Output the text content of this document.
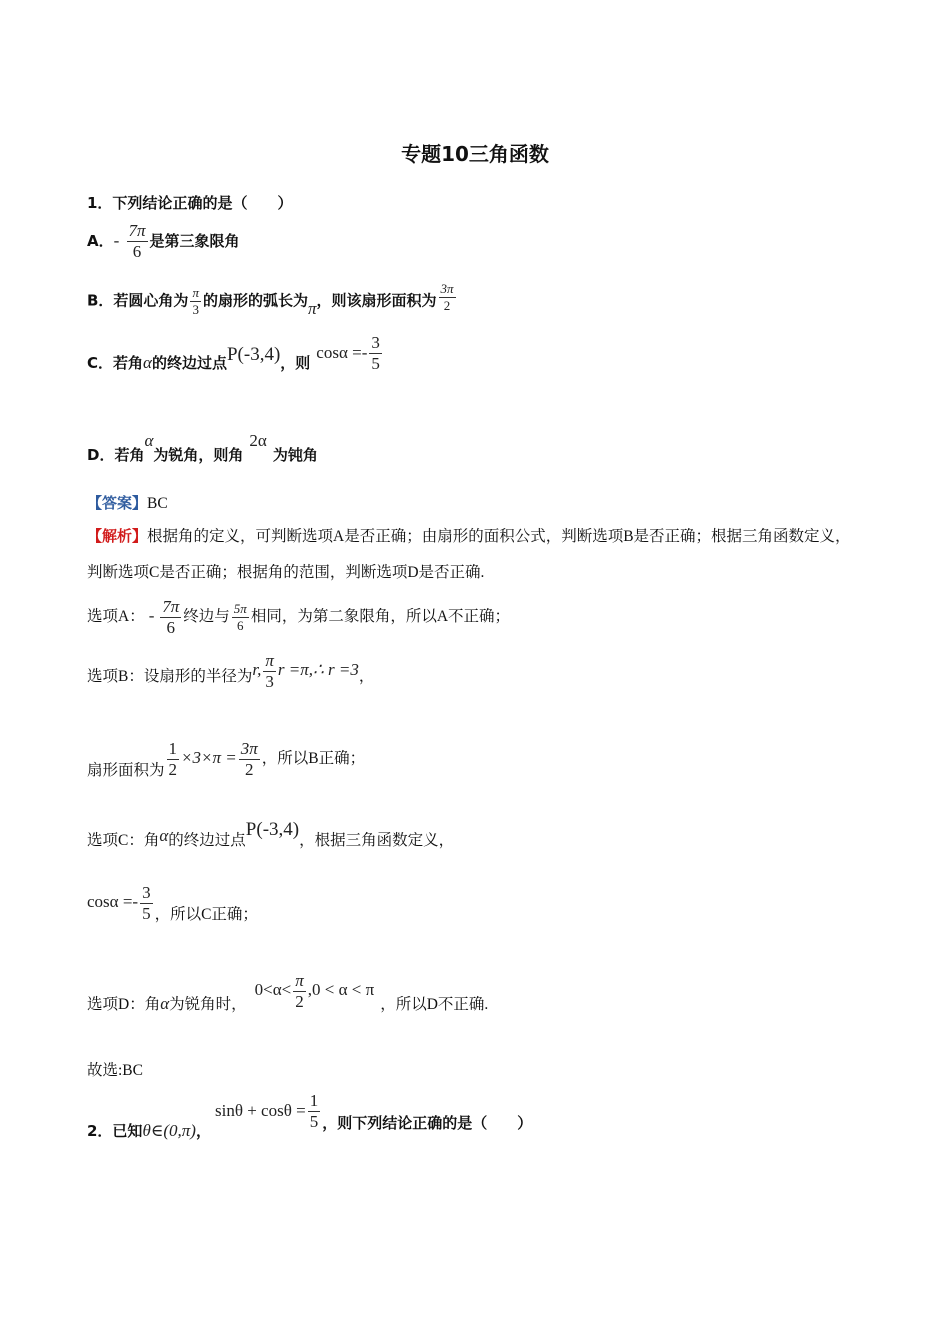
专题10三角函数
1．下列结论正确的是（　　）
A．- $\frac{7\pi}{6}$ 是第三象限角
B．若圆心角为 $\frac{\pi}{3}$ 的扇形的弧长为π，则该扇形面积为 $\frac{3\pi}{2}$
C．若角α的终边过点P(-3,4)，则$\cos\alpha =- \frac{3}{5}$
D．若角α为锐角，则角2α为钝角
【答案】BC
【解析】根据角的定义，可判断选项A是否正确；由扇形的面积公式，判断选项B是否正确；根据三角函数定义，判断选项C是否正确；根据角的范围，判断选项D是否正确.
选项A： - $\frac{7\pi}{6}$ 终边与 $\frac{5\pi}{6}$ 相同，为第二象限角，所以A不正确；
选项B：设扇形的半径为r, $\frac{\pi}{3}$ r =π,∴ r =3，
扇形面积为 $\frac{1}{2} \times 3\times\pi = \frac{3\pi}{2}$ ，所以B正确；
选项C：角α的终边过点P(-3,4)，根据三角函数定义，
$\cos\alpha =- \frac{3}{5}$ ，所以C正确；
选项D：角α为锐角时，$0<\alpha< \frac{\pi}{2} ,0 < \alpha < \pi$，所以D不正确.
故选:BC
2．已知θ∈(0,π)，$\sin\theta + \cos\theta = \frac{1}{5}$ ，则下列结论正确的是（　　）
